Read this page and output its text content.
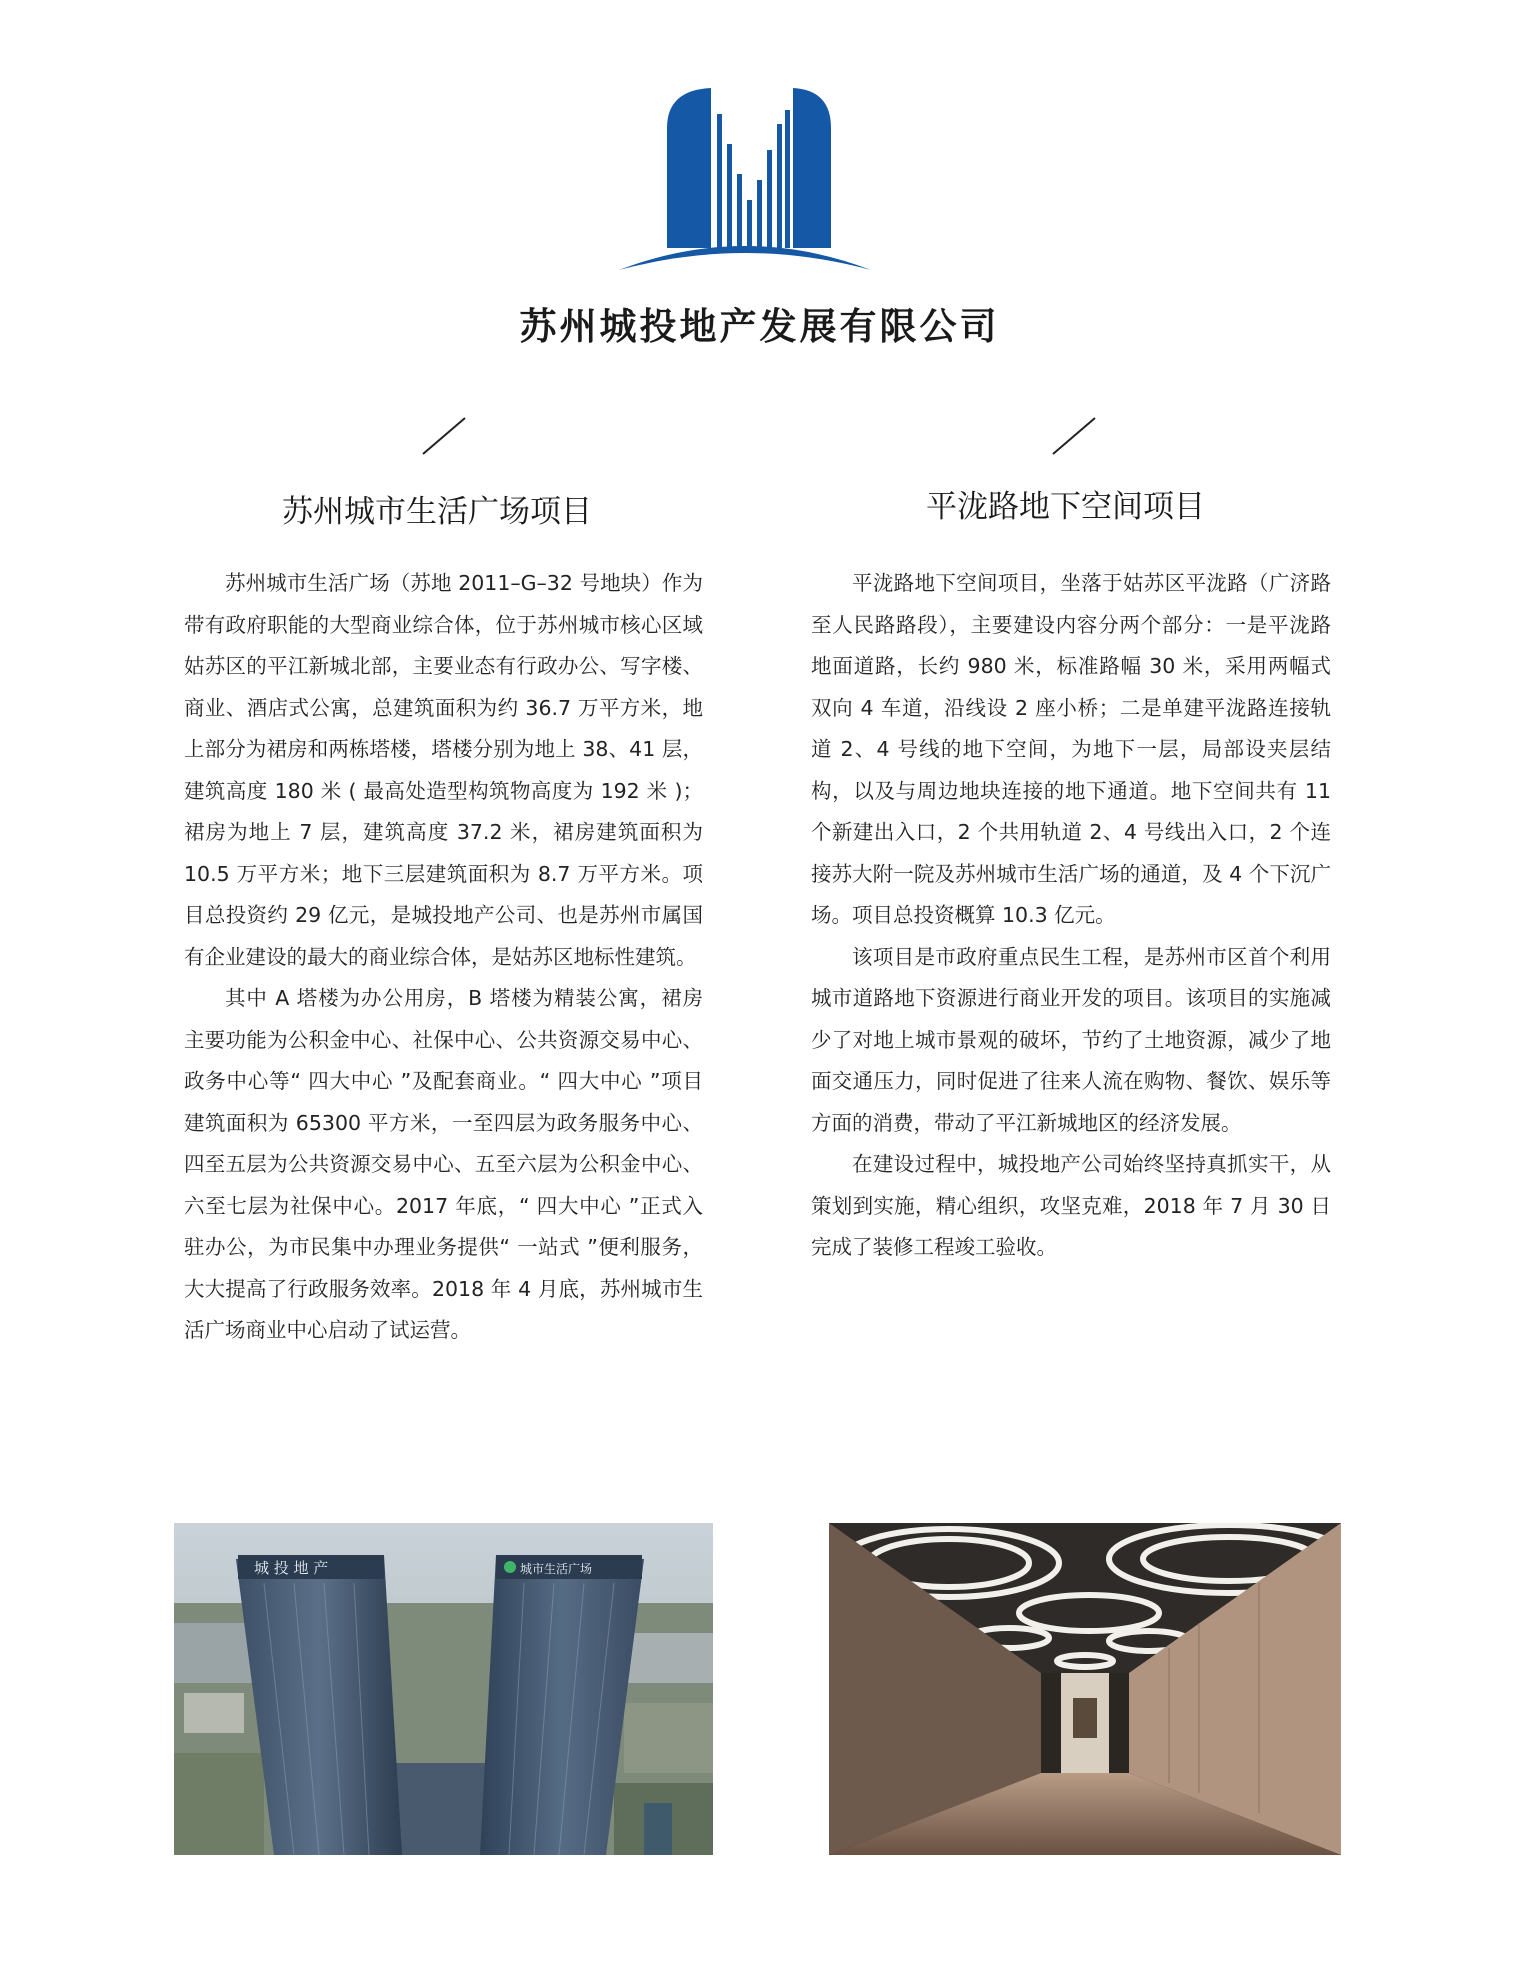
苏州城投地产发展有限公司
苏州城市生活广场项目

苏州城市生活广场（苏地 2011–G–32 号地块）作为带有政府职能的大型商业综合体，位于苏州城市核心区域姑苏区的平江新城北部，主要业态有行政办公、写字楼、商业、酒店式公寓，总建筑面积为约 36.7 万平方米，地上部分为裙房和两栋塔楼，塔楼分别为地上 38、41 层，建筑高度 180 米 ( 最高处造型构筑物高度为 192 米 )；裙房为地上 7 层，建筑高度 37.2 米，裙房建筑面积为 10.5 万平方米；地下三层建筑面积为 8.7 万平方米。项目总投资约 29 亿元，是城投地产公司、也是苏州市属国有企业建设的最大的商业综合体，是姑苏区地标性建筑。

其中 A 塔楼为办公用房，B 塔楼为精装公寓，裙房主要功能为公积金中心、社保中心、公共资源交易中心、政务中心等“ 四大中心 ”及配套商业。“ 四大中心 ”项目建筑面积为 65300 平方米，一至四层为政务服务中心、四至五层为公共资源交易中心、五至六层为公积金中心、六至七层为社保中心。2017 年底，“ 四大中心 ”正式入驻办公，为市民集中办理业务提供“ 一站式 ”便利服务，大大提高了行政服务效率。2018 年 4 月底，苏州城市生活广场商业中心启动了试运营。

平泷路地下空间项目

平泷路地下空间项目，坐落于姑苏区平泷路（广济路至人民路路段），主要建设内容分两个部分：一是平泷路地面道路，长约 980 米，标准路幅 30 米，采用两幅式双向 4 车道，沿线设 2 座小桥；二是单建平泷路连接轨道 2、4 号线的地下空间，为地下一层，局部设夹层结构，以及与周边地块连接的地下通道。地下空间共有 11 个新建出入口，2 个共用轨道 2、4 号线出入口，2 个连接苏大附一院及苏州城市生活广场的通道，及 4 个下沉广场。项目总投资概算 10.3 亿元。

该项目是市政府重点民生工程，是苏州市区首个利用城市道路地下资源进行商业开发的项目。该项目的实施减少了对地上城市景观的破坏，节约了土地资源，减少了地面交通压力，同时促进了往来人流在购物、餐饮、娱乐等方面的消费，带动了平江新城地区的经济发展。

在建设过程中，城投地产公司始终坚持真抓实干，从策划到实施，精心组织，攻坚克难，2018 年 7 月 30 日完成了装修工程竣工验收。

城 投 地 产	城市生活广场
